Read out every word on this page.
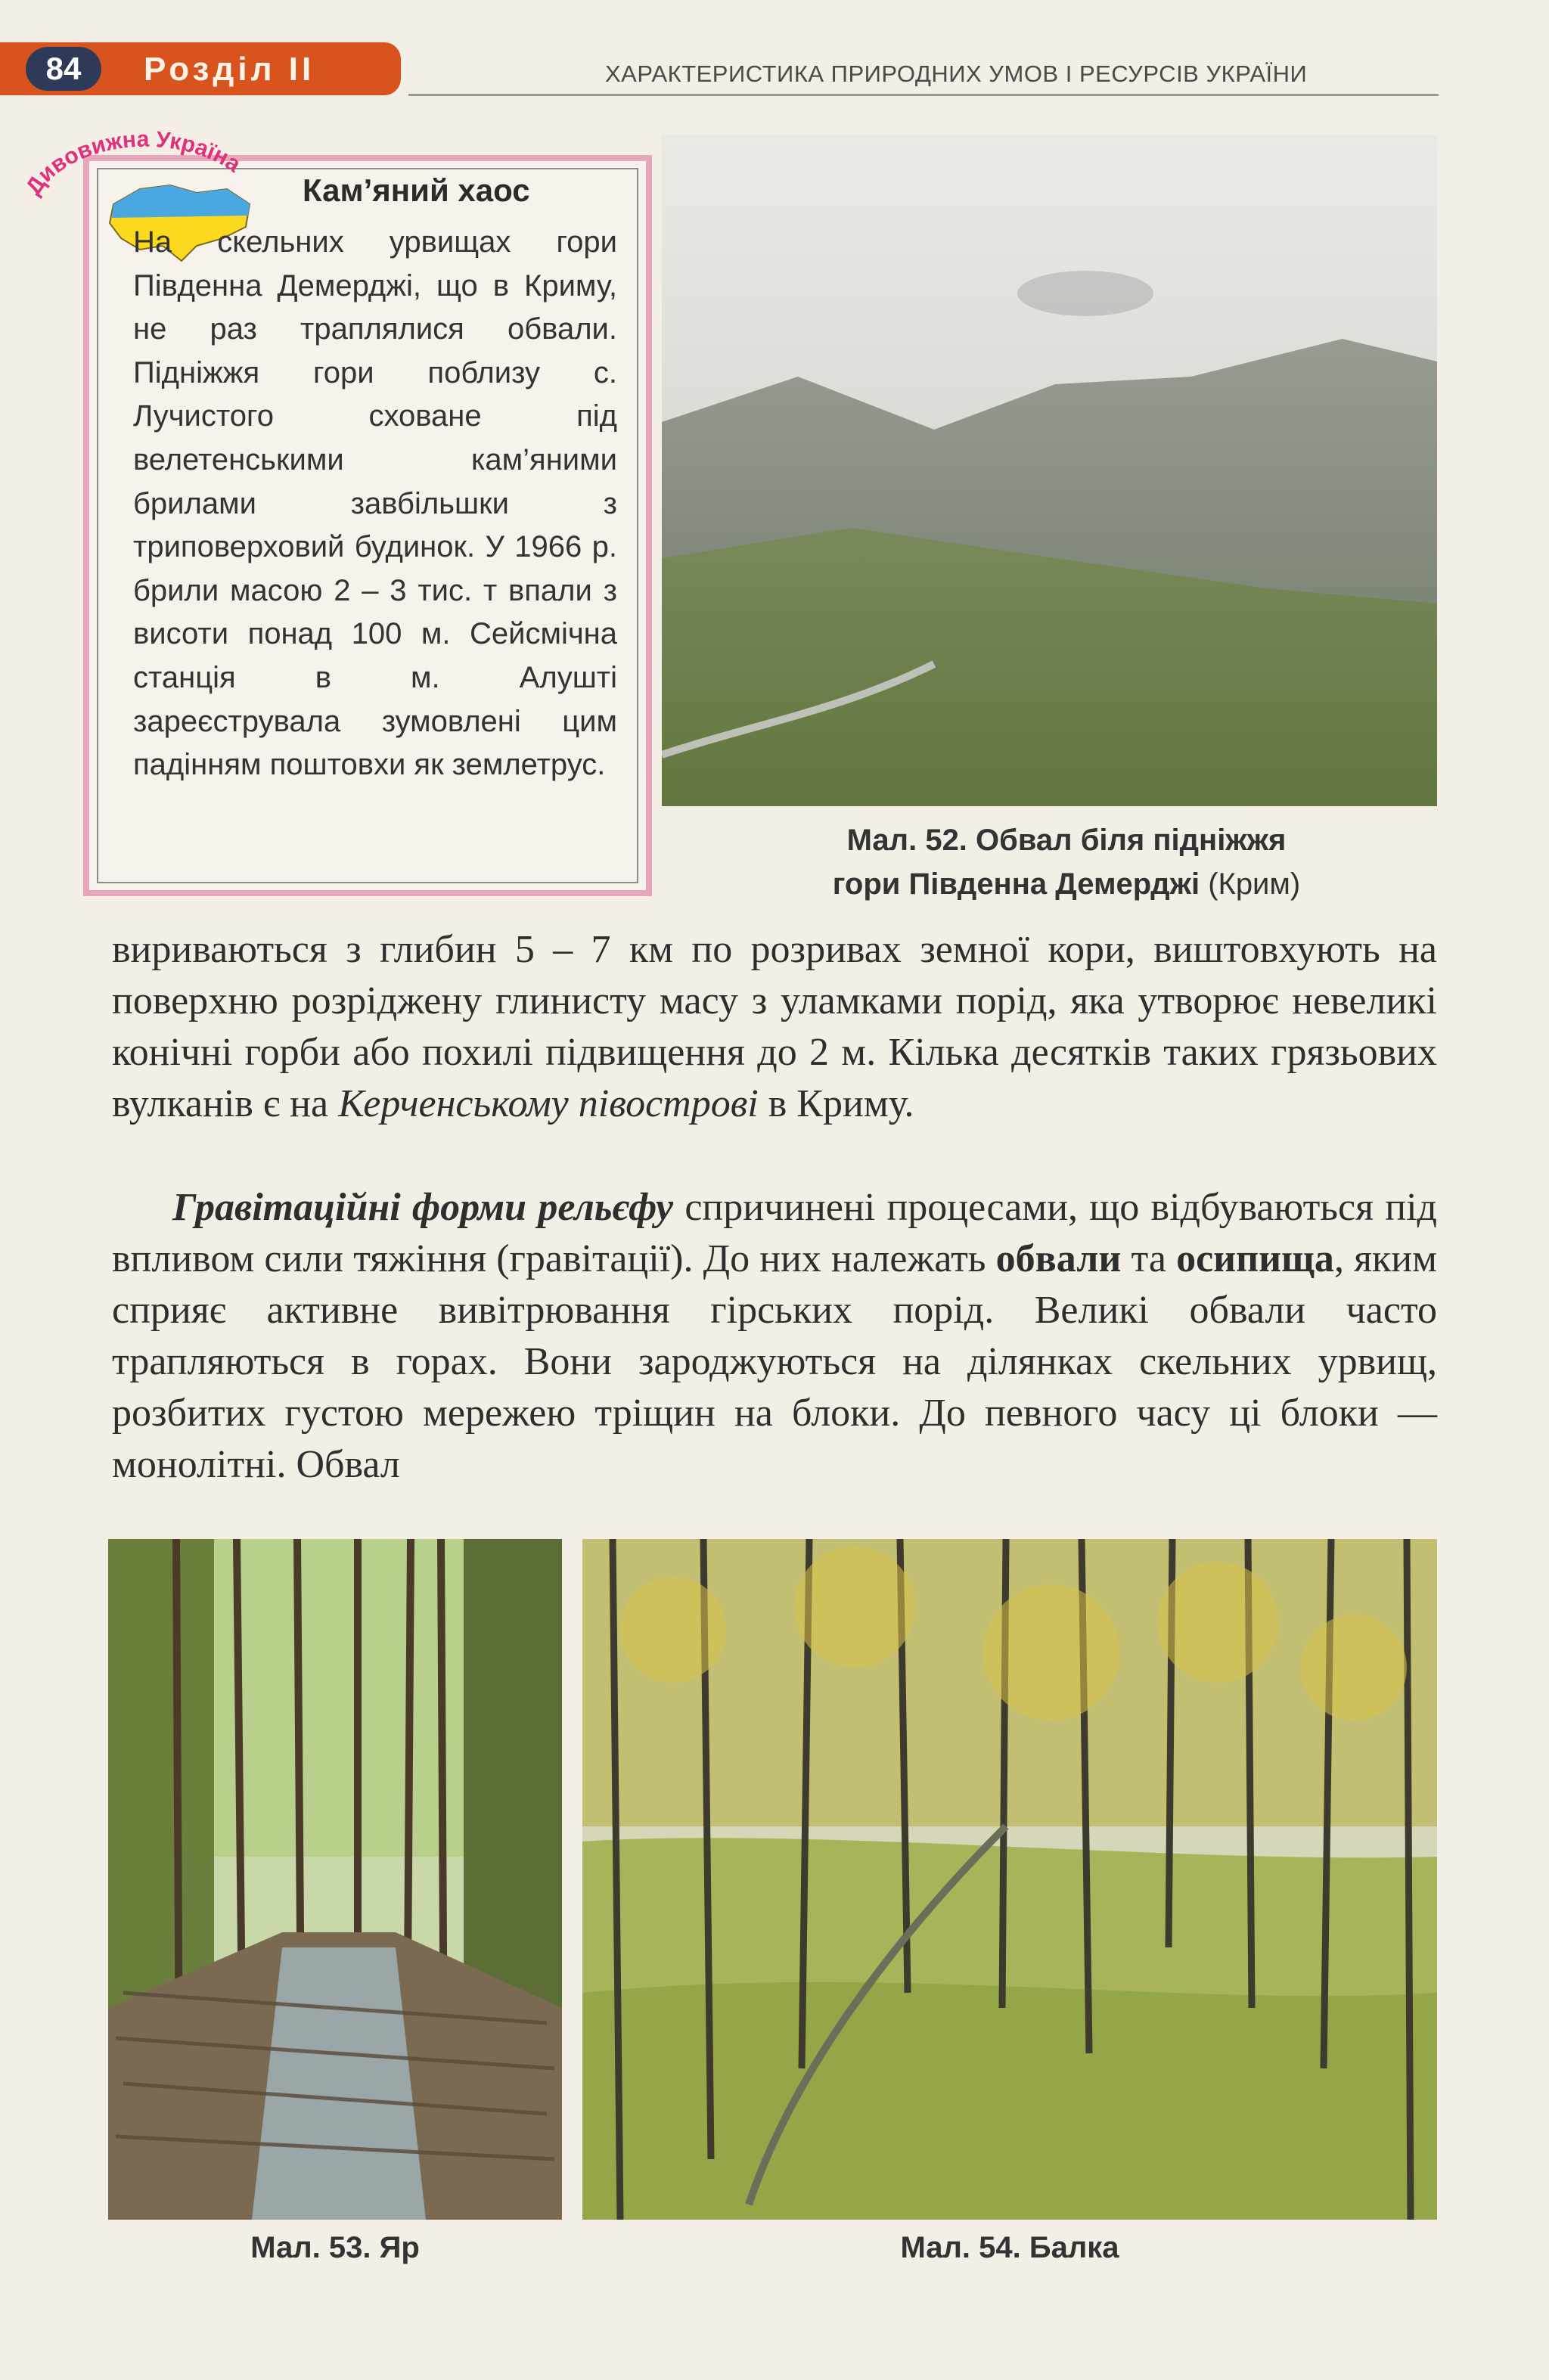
84	Розділ ІІ	ХАРАКТЕРИСТИКА ПРИРОДНИХ УМОВ І РЕСУРСІВ УКРАЇНИ
Дивовижна Україна
Кам’яний хаос
На скельних урвищах гори Південна Демерджі, що в Криму, не раз траплялися обвали. Підніжжя гори поблизу с. Лучистого сховане під велетенськими кам’яними брилами завбільшки з триповерховий будинок. У 1966 р. брили масою 2 – 3 тис. т впали з висоти понад 100 м. Сейсмічна станція в м. Алушті зареєструвала зумовлені цим падінням поштовхи як землетрус.
Мал. 52. Обвал біля підніжжя
гори Південна Демерджі (Крим)
вириваються з глибин 5 – 7 км по розривах земної кори, виштовхують на поверхню розріджену глинисту масу з уламками порід, яка утворює невеликі конічні горби або похилі підвищення до 2 м. Кілька десятків таких грязьових вулканів є на Керченському півострові в Криму.
Гравітаційні форми рельєфу спричинені процесами, що відбуваються під впливом сили тяжіння (гравітації). До них належать обвали та осипища, яким сприяє активне вивітрювання гірських порід. Великі обвали часто трапляються в горах. Вони зароджуються на ділянках скельних урвищ, розбитих густою мережею тріщин на блоки. До певного часу ці блоки — монолітні. Обвал
Мал. 53. Яр	Мал. 54. Балка
